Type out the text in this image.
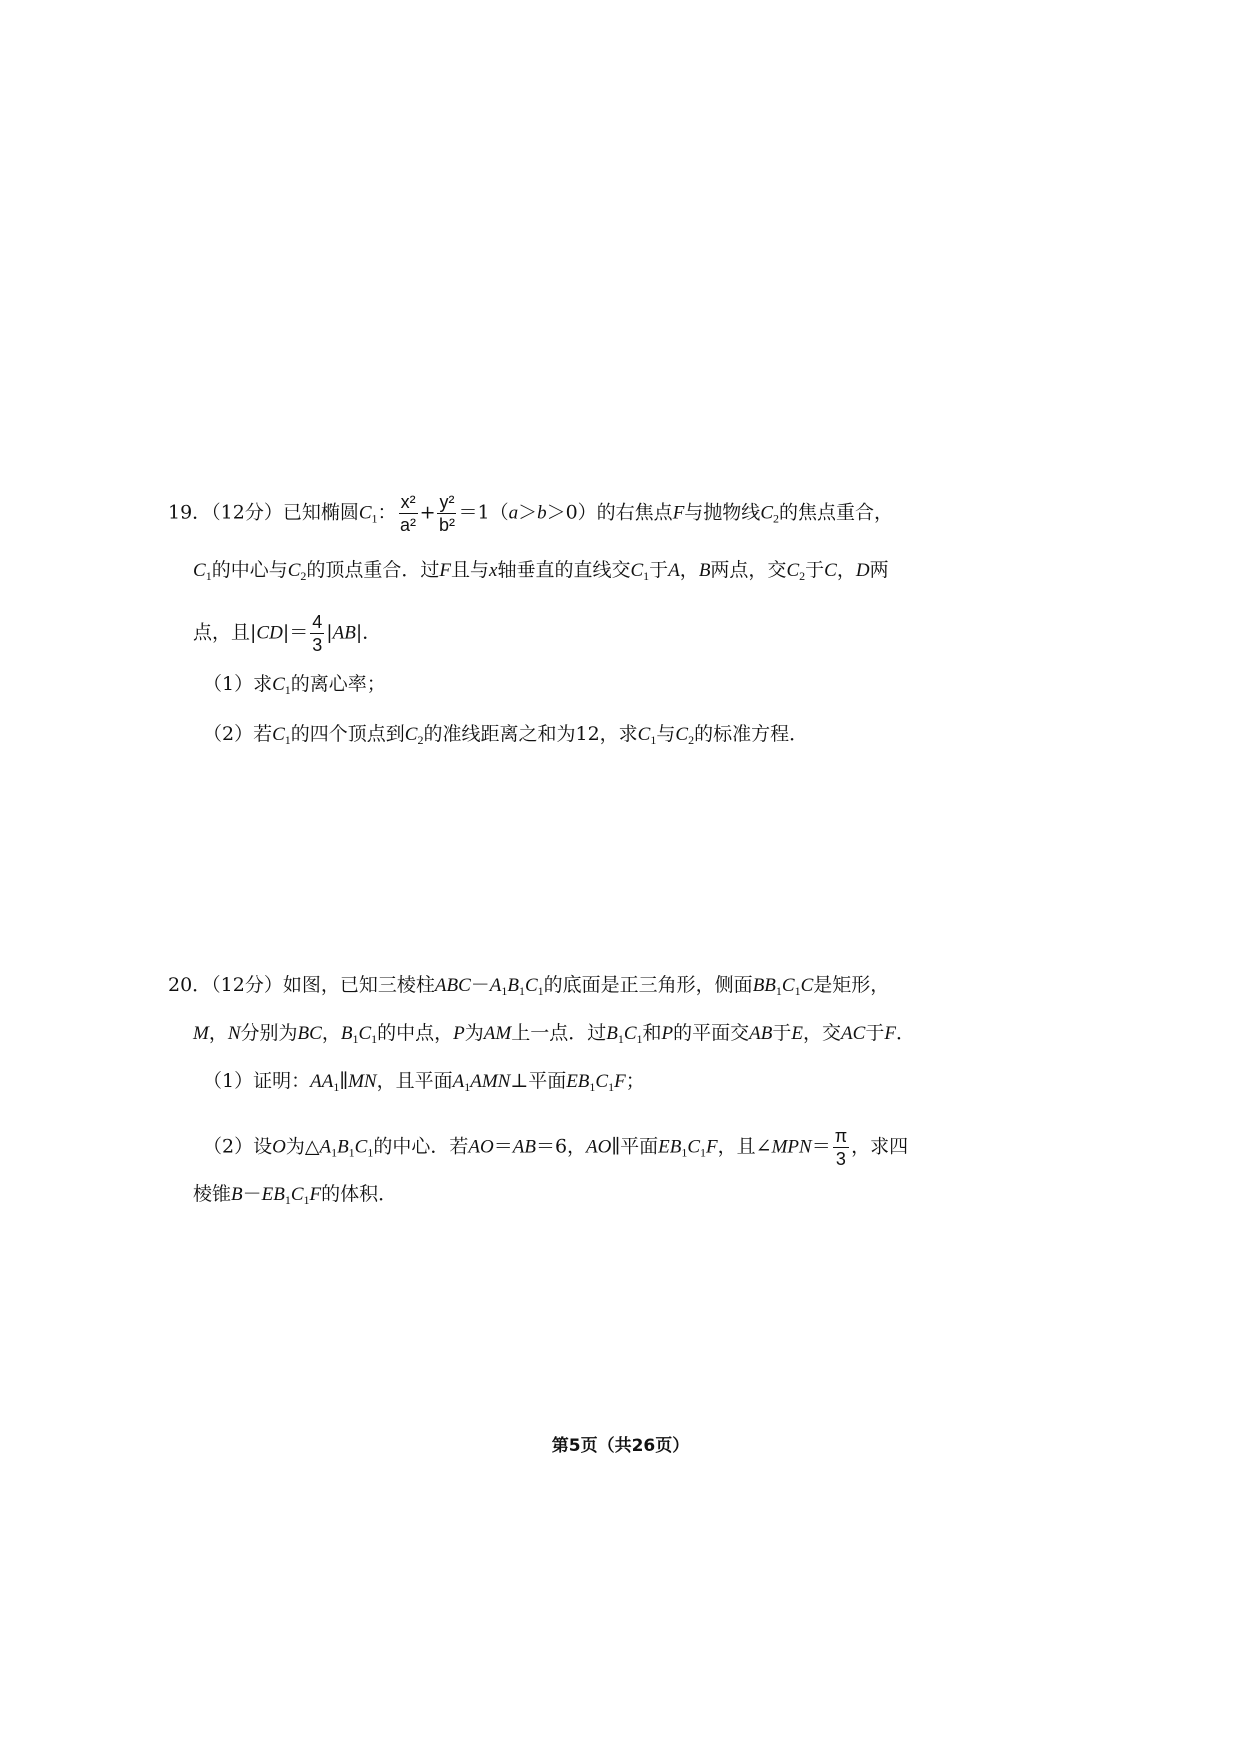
19．（12分）已知椭圆$C_1$： $\frac{\text{x²}}{\text{a²}} + \frac{\text{y²}}{\text{b²}} =1(a>b>0)$的右焦点F与抛物线$C_2$的焦点重合，
$C_1$的中心与$C_2$的顶点重合．过F且与x轴垂直的直线交$C_1$于A，B两点，交$C_2$于C，D两
点，且$|CD|= \frac{4}{3} |AB|$．
（1）求$C_1$的离心率；
（2）若$C_1$的四个顶点到$C_2$的准线距离之和为12，求$C_1$与$C_2$的标准方程．
20．（12分）如图，已知三棱柱$ABC-A_1B_1C_1$的底面是正三角形，侧面$BB_1C_1C$是矩形，
M，N分别为BC，$B_1C_1$的中点，P为AM上一点．过$B_1C_1$和P的平面交AB于E，交AC于F．
（1）证明：$AA_1\parallel MN$，且平面$A_1AMN\perp$平面$EB_1C_1F$；
（2）设O为$\triangle A_1B_1C_1$的中心．若AO＝AB＝6，AO∥平面$EB_1C_1F$，且∠MPN＝ $\frac{\pi}{3}$ ，求四
棱锥$B-EB_1C_1F$的体积．
第5页（共26页）
